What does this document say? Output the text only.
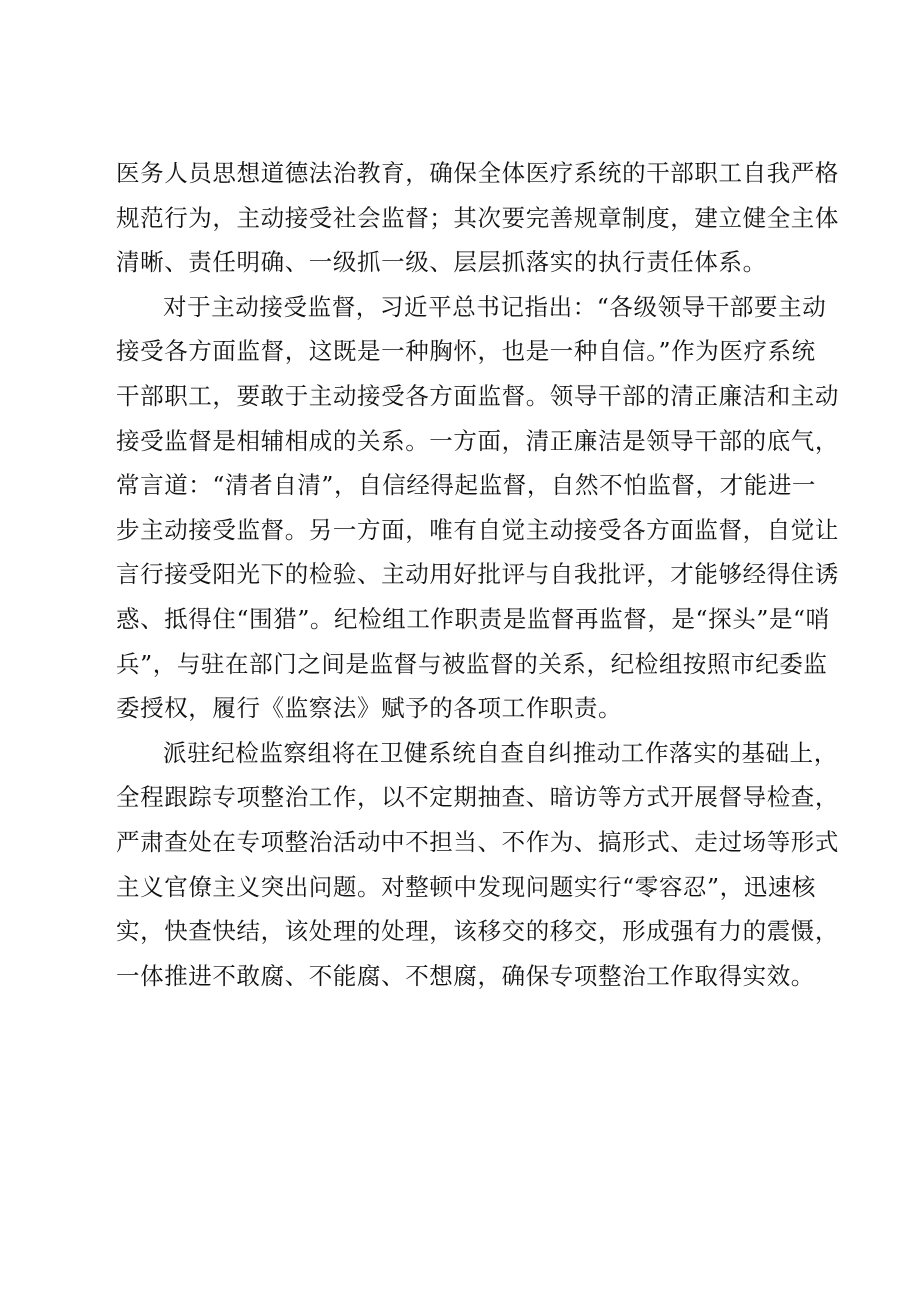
医务人员思想道德法治教育，确保全体医疗系统的干部职工自我严格
规范行为，主动接受社会监督；其次要完善规章制度，建立健全主体
清晰、责任明确、一级抓一级、层层抓落实的执行责任体系。
对于主动接受监督，习近平总书记指出：“各级领导干部要主动
接受各方面监督，这既是一种胸怀，也是一种自信。”作为医疗系统
干部职工，要敢于主动接受各方面监督。领导干部的清正廉洁和主动
接受监督是相辅相成的关系。一方面，清正廉洁是领导干部的底气，
常言道：“清者自清”，自信经得起监督，自然不怕监督，才能进一
步主动接受监督。另一方面，唯有自觉主动接受各方面监督，自觉让
言行接受阳光下的检验、主动用好批评与自我批评，才能够经得住诱
惑、抵得住“围猎”。纪检组工作职责是监督再监督，是“探头”是“哨
兵”，与驻在部门之间是监督与被监督的关系，纪检组按照市纪委监
委授权，履行《监察法》赋予的各项工作职责。
派驻纪检监察组将在卫健系统自查自纠推动工作落实的基础上，
全程跟踪专项整治工作，以不定期抽查、暗访等方式开展督导检查，
严肃查处在专项整治活动中不担当、不作为、搞形式、走过场等形式
主义官僚主义突出问题。对整顿中发现问题实行“零容忍”，迅速核
实，快查快结，该处理的处理，该移交的移交，形成强有力的震慑，
一体推进不敢腐、不能腐、不想腐，确保专项整治工作取得实效。
